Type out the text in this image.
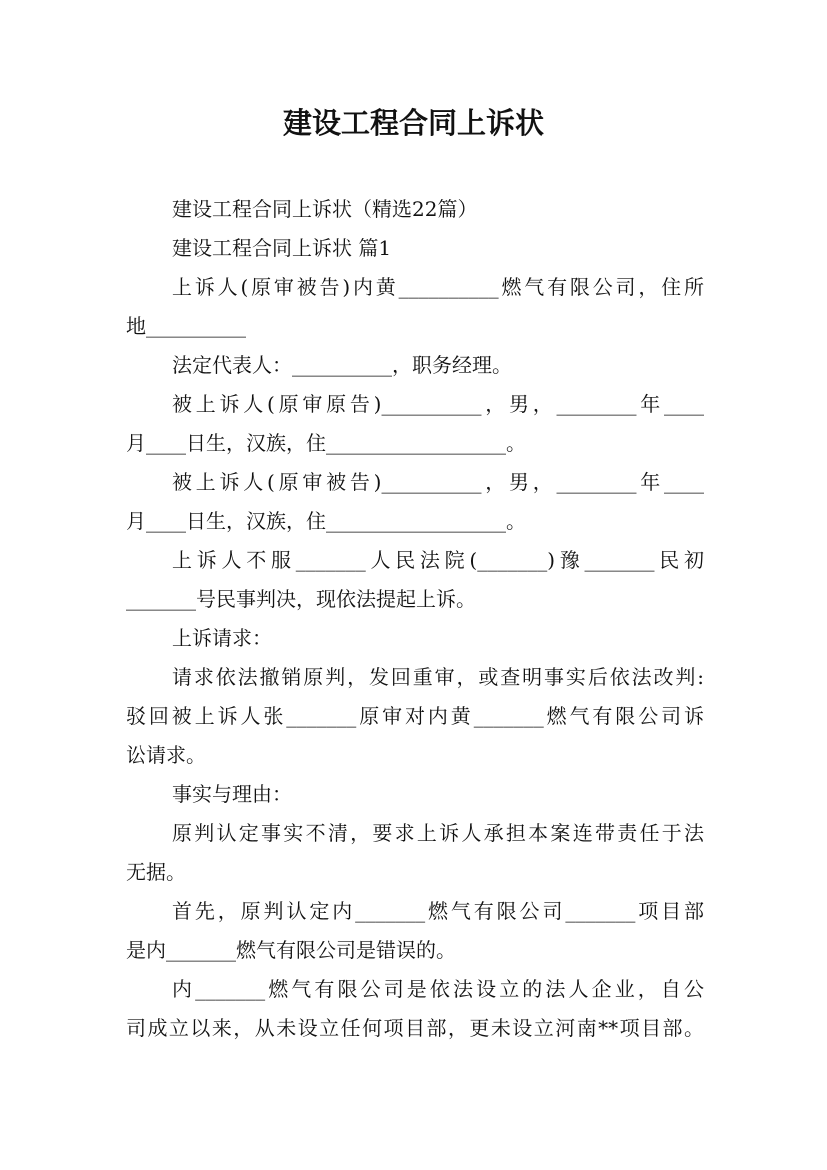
建设工程合同上诉状
建设工程合同上诉状（精选22篇）
建设工程合同上诉状 篇1
上诉人(原审被告)内黄__________燃气有限公司，住所
地__________
法定代表人：__________，职务经理。
被上诉人(原审原告)__________，男，________年____
月____日生，汉族，住__________________。
被上诉人(原审被告)__________，男，________年____
月____日生，汉族，住__________________。
上诉人不服_______人民法院(_______)豫_______民初
_______号民事判决，现依法提起上诉。
上诉请求：
请求依法撤销原判，发回重审，或查明事实后依法改判:
驳回被上诉人张_______原审对内黄_______燃气有限公司诉
讼请求。
事实与理由：
原判认定事实不清，要求上诉人承担本案连带责任于法
无据。
首先，原判认定内_______燃气有限公司_______项目部
是内_______燃气有限公司是错误的。
内_______燃气有限公司是依法设立的法人企业，自公
司成立以来，从未设立任何项目部，更未设立河南**项目部。
